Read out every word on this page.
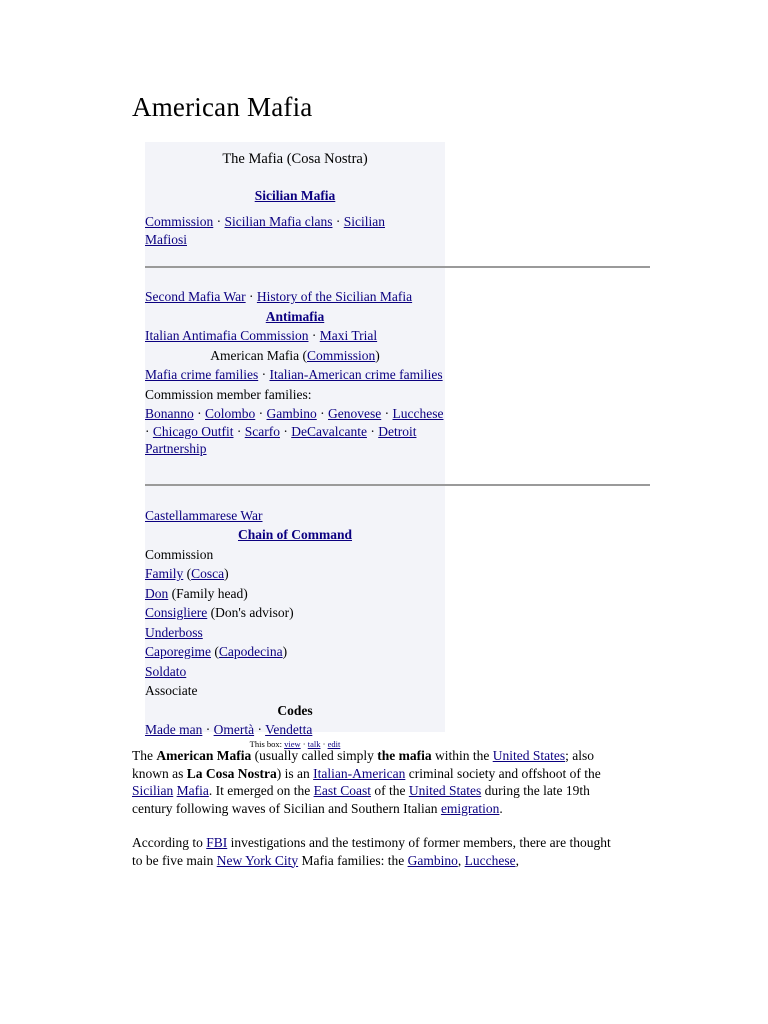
American Mafia
The Mafia (Cosa Nostra)
Sicilian Mafia
Commission · Sicilian Mafia clans · Sicilian Mafiosi
Second Mafia War · History of the Sicilian Mafia
Antimafia
Italian Antimafia Commission · Maxi Trial
American Mafia (Commission)
Mafia crime families · Italian-American crime families
Commission member families:
Bonanno · Colombo · Gambino · Genovese · Lucchese · Chicago Outfit · Scarfo · DeCavalcante · Detroit Partnership
Castellammarese War
Chain of Command
Commission
Family (Cosca)
Don (Family head)
Consigliere (Don's advisor)
Underboss
Caporegime (Capodecina)
Soldato
Associate
Codes
Made man · Omertà · Vendetta
This box: view · talk · edit

The American Mafia (usually called simply the mafia within the United States; also known as La Cosa Nostra) is an Italian-American criminal society and offshoot of the Sicilian Mafia. It emerged on the East Coast of the United States during the late 19th century following waves of Sicilian and Southern Italian emigration.

According to FBI investigations and the testimony of former members, there are thought to be five main New York City Mafia families: the Gambino, Lucchese,
